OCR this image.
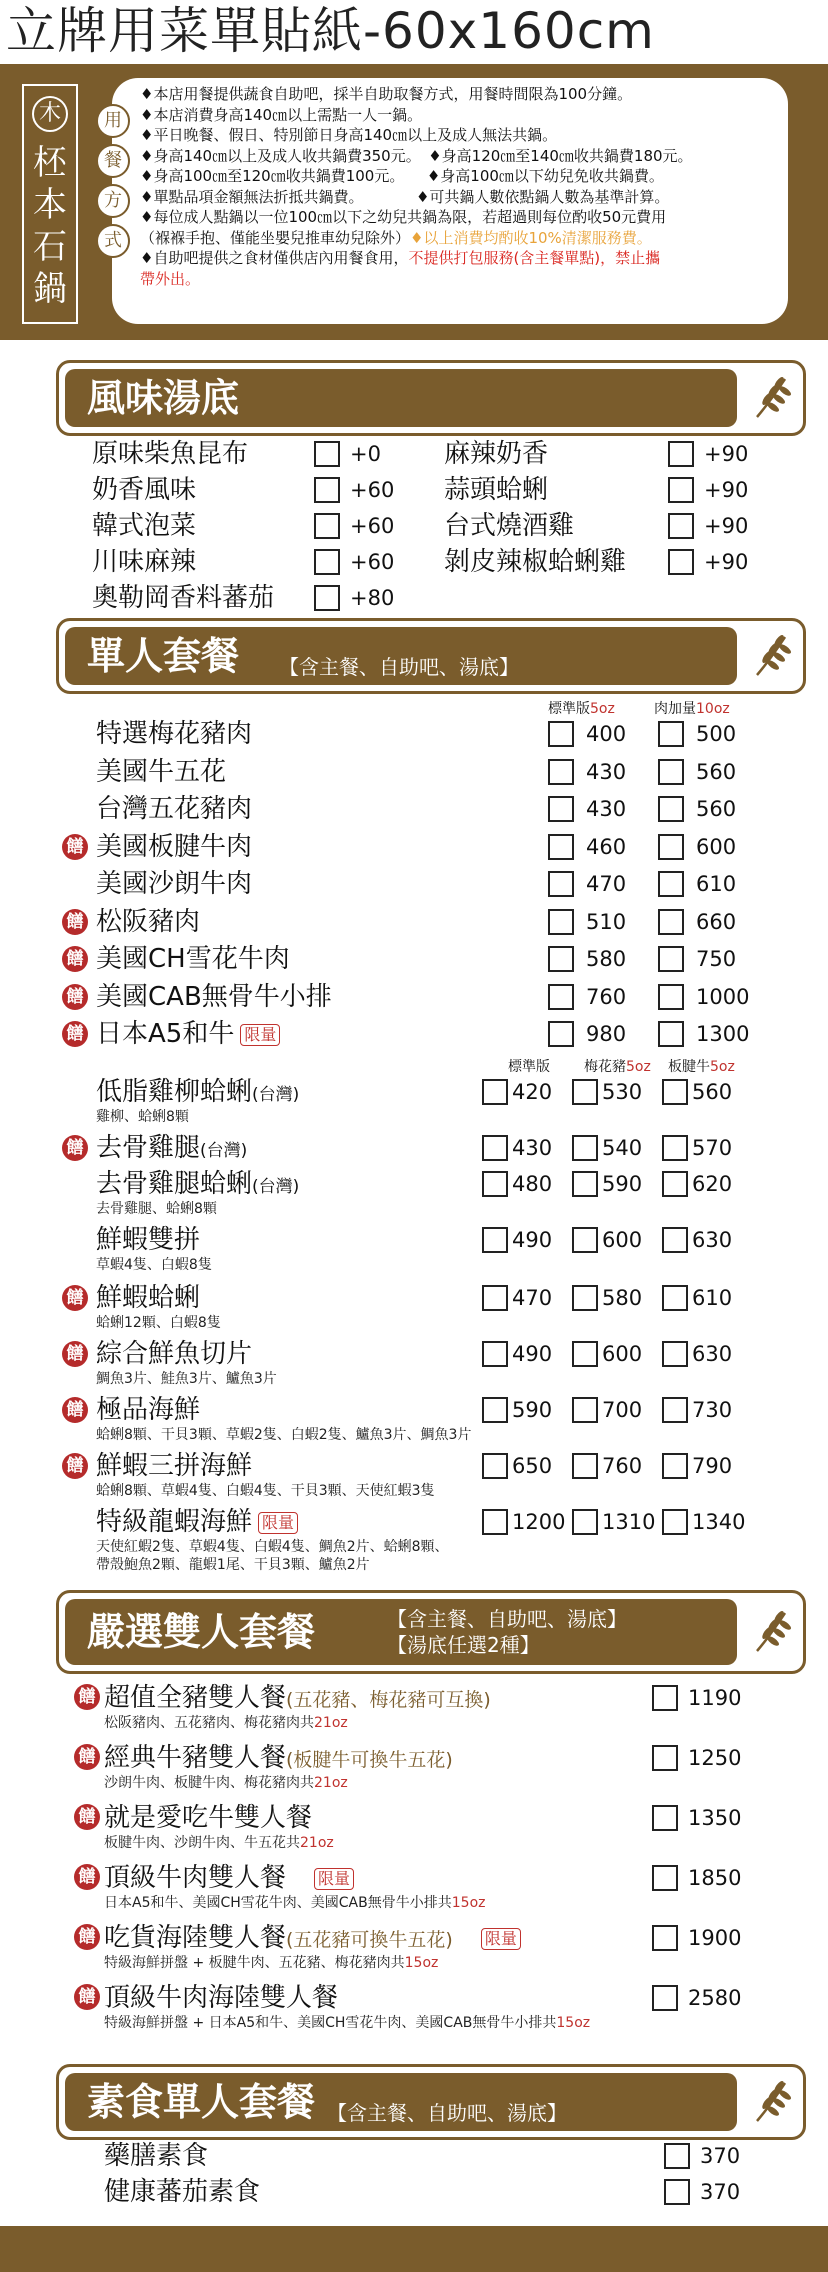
立牌用菜單貼紙-60x160cm
木
柸本石鍋
用
餐
方
式
♦本店用餐提供蔬食自助吧，採半自助取餐方式，用餐時間限為100分鐘。
♦本店消費身高140㎝以上需點一人一鍋。
♦平日晚餐、假日、特別節日身高140㎝以上及成人無法共鍋。
♦身高140㎝以上及成人收共鍋費350元。　♦身高120㎝至140㎝收共鍋費180元。
♦身高100㎝至120㎝收共鍋費100元。　　♦身高100㎝以下幼兒免收共鍋費。
♦單點品項金額無法折抵共鍋費。　　　　♦可共鍋人數依點鍋人數為基準計算。
♦每位成人點鍋以一位100㎝以下之幼兒共鍋為限，若超過則每位酌收50元費用
（褓褓手抱、僅能坐嬰兒推車幼兒除外）♦以上消費均酌收10%清潔服務費。
♦自助吧提供之食材僅供店內用餐食用，不提供打包服務(含主餐單點)，禁止攜
帶外出。
風味湯底
原味柴魚昆布	+0
奶香風味	+60
韓式泡菜	+60
川味麻辣	+60
奧勒岡香料蕃茄	+80
麻辣奶香	+90
蒜頭蛤蜊	+90
台式燒酒雞	+90
剝皮辣椒蛤蜊雞	+90
單人套餐 【含主餐、自助吧、湯底】
標準版5oz	肉加量10oz
特選梅花豬肉	400	500
美國牛五花	430	560
台灣五花豬肉	430	560
饍 美國板腱牛肉	460	600
美國沙朗牛肉	470	610
饍 松阪豬肉	510	660
饍 美國CH雪花牛肉	580	750
饍 美國CAB無骨牛小排	760	1000
饍 日本A5和牛 限量	980	1300
標準版 梅花豬5oz 板腱牛5oz
低脂雞柳蛤蜊(台灣)
雞柳、蛤蜊8顆
420 530 560
饍 去骨雞腿(台灣)	430 540 570
去骨雞腿蛤蜊(台灣)
去骨雞腿、蛤蜊8顆
480 590 620
鮮蝦雙拼
草蝦4隻、白蝦8隻
490 600 630
饍 鮮蝦蛤蜊
蛤蜊12顆、白蝦8隻
470 580 610
饍 綜合鮮魚切片
鯛魚3片、鮭魚3片、鱸魚3片
490 600 630
饍 極品海鮮
蛤蜊8顆、干貝3顆、草蝦2隻、白蝦2隻、鱸魚3片、鯛魚3片
590 700 730
饍 鮮蝦三拼海鮮
蛤蜊8顆、草蝦4隻、白蝦4隻、干貝3顆、天使紅蝦3隻
650 760 790
特級龍蝦海鮮 限量
天使紅蝦2隻、草蝦4隻、白蝦4隻、鯛魚2片、蛤蜊8顆、
帶殼鮑魚2顆、龍蝦1尾、干貝3顆、鱸魚2片
1200 1310 1340
嚴選雙人套餐	【含主餐、自助吧、湯底】
【湯底任選2種】
饍 超值全豬雙人餐(五花豬、梅花豬可互換)
松阪豬肉、五花豬肉、梅花豬肉共21oz
1190
饍 經典牛豬雙人餐(板腱牛可換牛五花)
沙朗牛肉、板腱牛肉、梅花豬肉共21oz
1250
饍 就是愛吃牛雙人餐
板腱牛肉、沙朗牛肉、牛五花共21oz
1350
饍 頂級牛肉雙人餐 限量
日本A5和牛、美國CH雪花牛肉、美國CAB無骨牛小排共15oz
1850
饍 吃貨海陸雙人餐(五花豬可換牛五花) 限量
特級海鮮拼盤 + 板腱牛肉、五花豬、梅花豬肉共15oz
1900
饍 頂級牛肉海陸雙人餐
特級海鮮拼盤 + 日本A5和牛、美國CH雪花牛肉、美國CAB無骨牛小排共15oz
2580
素食單人套餐 【含主餐、自助吧、湯底】
藥膳素食	370
健康蕃茄素食	370
